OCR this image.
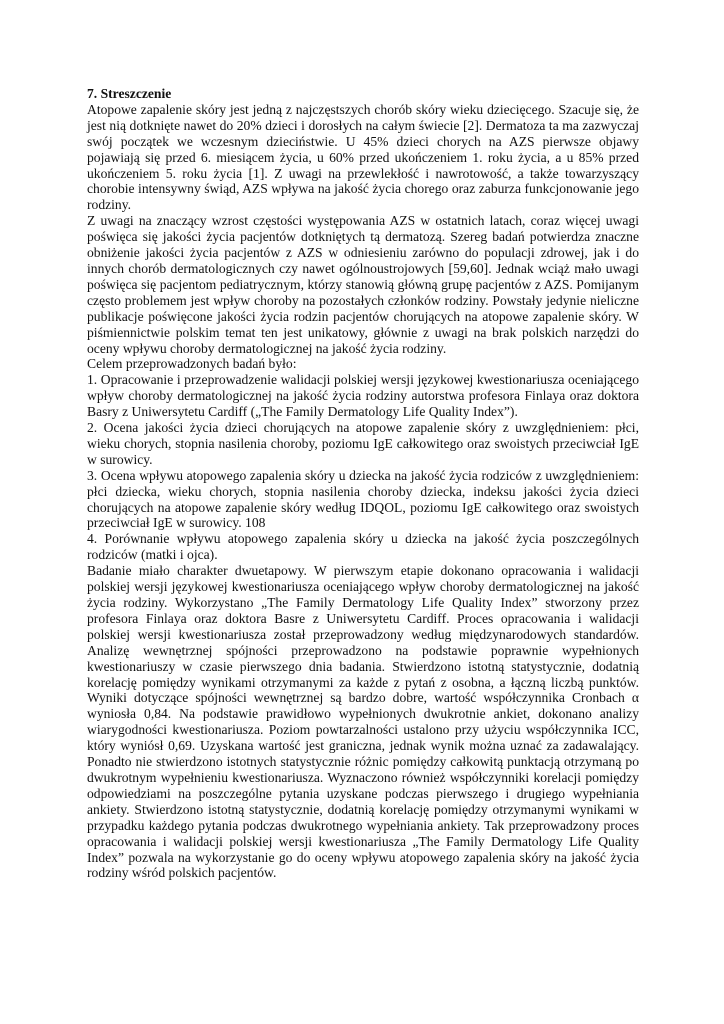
7. Streszczenie

Atopowe zapalenie skóry jest jedną z najczęstszych chorób skóry wieku dziecięcego. Szacuje się, że jest nią dotknięte nawet do 20% dzieci i dorosłych na całym świecie [2]. Dermatoza ta ma zazwyczaj swój początek we wczesnym dzieciństwie. U 45% dzieci chorych na AZS pierwsze objawy pojawiają się przed 6. miesiącem życia, u 60% przed ukończeniem 1. roku życia, a u 85% przed ukończeniem 5. roku życia [1]. Z uwagi na przewlekłość i nawrotowość, a także towarzyszący chorobie intensywny świąd, AZS wpływa na jakość życia chorego oraz zaburza funkcjonowanie jego rodziny.

Z uwagi na znaczący wzrost częstości występowania AZS w ostatnich latach, coraz więcej uwagi poświęca się jakości życia pacjentów dotkniętych tą dermatozą. Szereg badań potwierdza znaczne obniżenie jakości życia pacjentów z AZS w odniesieniu zarówno do populacji zdrowej, jak i do innych chorób dermatologicznych czy nawet ogólnoustrojowych [59,60]. Jednak wciąż mało uwagi poświęca się pacjentom pediatrycznym, którzy stanowią główną grupę pacjentów z AZS. Pomijanym często problemem jest wpływ choroby na pozostałych członków rodziny. Powstały jedynie nieliczne publikacje poświęcone jakości życia rodzin pacjentów chorujących na atopowe zapalenie skóry. W piśmiennictwie polskim temat ten jest unikatowy, głównie z uwagi na brak polskich narzędzi do oceny wpływu choroby dermatologicznej na jakość życia rodziny.

Celem przeprowadzonych badań było:

1. Opracowanie i przeprowadzenie walidacji polskiej wersji językowej kwestionariusza oceniającego wpływ choroby dermatologicznej na jakość życia rodziny autorstwa profesora Finlaya oraz doktora Basry z Uniwersytetu Cardiff („The Family Dermatology Life Quality Index”).

2. Ocena jakości życia dzieci chorujących na atopowe zapalenie skóry z uwzględnieniem: płci, wieku chorych, stopnia nasilenia choroby, poziomu IgE całkowitego oraz swoistych przeciwciał IgE w surowicy.

3. Ocena wpływu atopowego zapalenia skóry u dziecka na jakość życia rodziców z uwzględnieniem: płci dziecka, wieku chorych, stopnia nasilenia choroby dziecka, indeksu jakości życia dzieci chorujących na atopowe zapalenie skóry według IDQOL, poziomu IgE całkowitego oraz swoistych przeciwciał IgE w surowicy. 108

4. Porównanie wpływu atopowego zapalenia skóry u dziecka na jakość życia poszczególnych rodziców (matki i ojca).

Badanie miało charakter dwuetapowy. W pierwszym etapie dokonano opracowania i walidacji polskiej wersji językowej kwestionariusza oceniającego wpływ choroby dermatologicznej na jakość życia rodziny. Wykorzystano „The Family Dermatology Life Quality Index” stworzony przez profesora Finlaya oraz doktora Basre z Uniwersytetu Cardiff. Proces opracowania i walidacji polskiej wersji kwestionariusza został przeprowadzony według międzynarodowych standardów. Analizę wewnętrznej spójności przeprowadzono na podstawie poprawnie wypełnionych kwestionariuszy w czasie pierwszego dnia badania. Stwierdzono istotną statystycznie, dodatnią korelację pomiędzy wynikami otrzymanymi za każde z pytań z osobna, a łączną liczbą punktów. Wyniki dotyczące spójności wewnętrznej są bardzo dobre, wartość współczynnika Cronbach α wyniosła 0,84. Na podstawie prawidłowo wypełnionych dwukrotnie ankiet, dokonano analizy wiarygodności kwestionariusza. Poziom powtarzalności ustalono przy użyciu współczynnika ICC, który wyniósł 0,69. Uzyskana wartość jest graniczna, jednak wynik można uznać za zadawalający. Ponadto nie stwierdzono istotnych statystycznie różnic pomiędzy całkowitą punktacją otrzymaną po dwukrotnym wypełnieniu kwestionariusza. Wyznaczono również współczynniki korelacji pomiędzy odpowiedziami na poszczególne pytania uzyskane podczas pierwszego i drugiego wypełniania ankiety. Stwierdzono istotną statystycznie, dodatnią korelację pomiędzy otrzymanymi wynikami w przypadku każdego pytania podczas dwukrotnego wypełniania ankiety. Tak przeprowadzony proces opracowania i walidacji polskiej wersji kwestionariusza „The Family Dermatology Life Quality Index” pozwala na wykorzystanie go do oceny wpływu atopowego zapalenia skóry na jakość życia rodziny wśród polskich pacjentów.
